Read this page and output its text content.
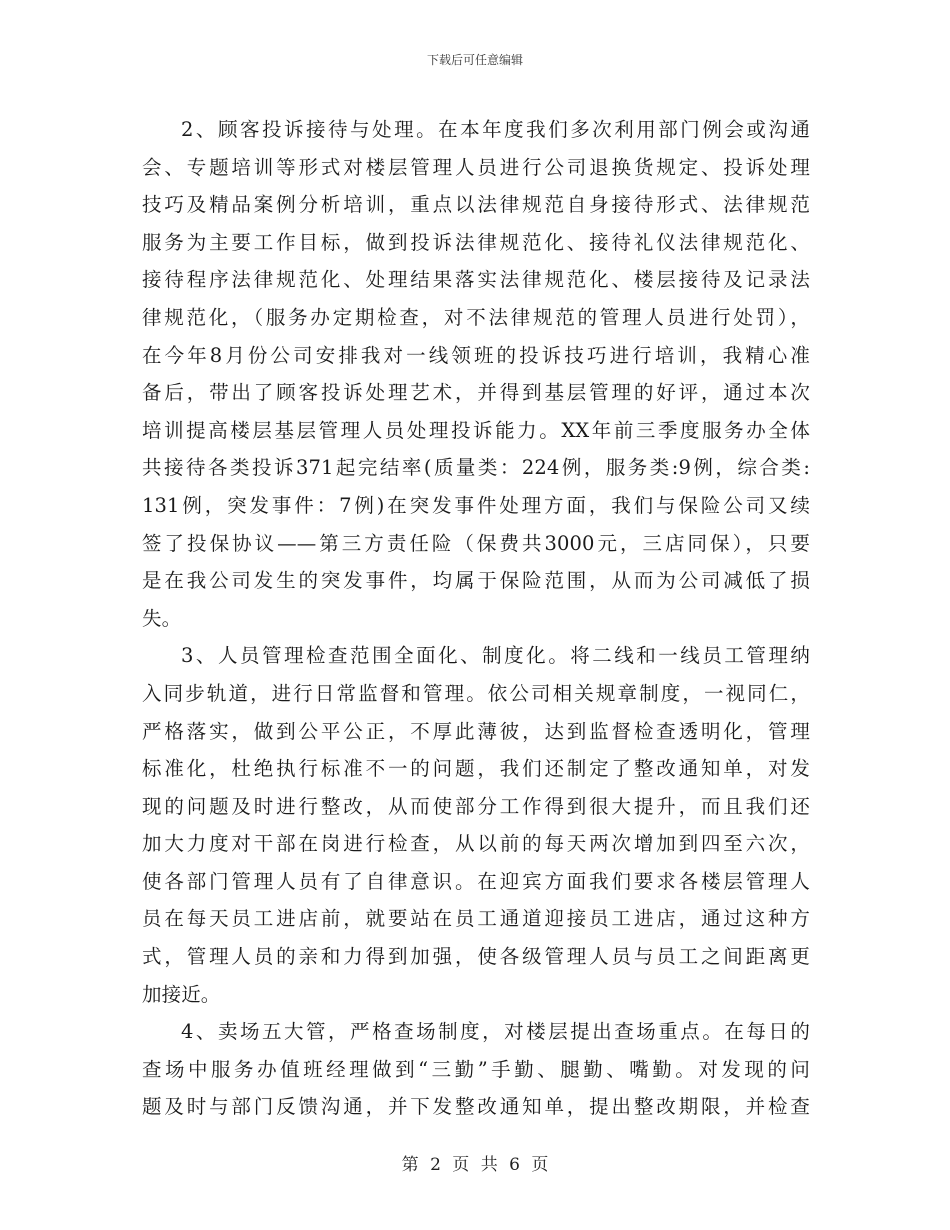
下载后可任意编辑
2、顾客投诉接待与处理。在本年度我们多次利用部门例会或沟通
会、专题培训等形式对楼层管理人员进行公司退换货规定、投诉处理
技巧及精品案例分析培训，重点以法律规范自身接待形式、法律规范
服务为主要工作目标，做到投诉法律规范化、接待礼仪法律规范化、
接待程序法律规范化、处理结果落实法律规范化、楼层接待及记录法
律规范化，（服务办定期检查，对不法律规范的管理人员进行处罚），
在今年8月份公司安排我对一线领班的投诉技巧进行培训，我精心准
备后，带出了顾客投诉处理艺术，并得到基层管理的好评，通过本次
培训提高楼层基层管理人员处理投诉能力。XX年前三季度服务办全体
共接待各类投诉371起完结率(质量类：224例，服务类:9例，综合类:
131例，突发事件：7例)在突发事件处理方面，我们与保险公司又续
签了投保协议——第三方责任险（保费共3000元，三店同保），只要
是在我公司发生的突发事件，均属于保险范围，从而为公司减低了损
失。
3、人员管理检查范围全面化、制度化。将二线和一线员工管理纳
入同步轨道，进行日常监督和管理。依公司相关规章制度，一视同仁，
严格落实，做到公平公正，不厚此薄彼，达到监督检查透明化，管理
标准化，杜绝执行标准不一的问题，我们还制定了整改通知单，对发
现的问题及时进行整改，从而使部分工作得到很大提升，而且我们还
加大力度对干部在岗进行检查，从以前的每天两次增加到四至六次，
使各部门管理人员有了自律意识。在迎宾方面我们要求各楼层管理人
员在每天员工进店前，就要站在员工通道迎接员工进店，通过这种方
式，管理人员的亲和力得到加强，使各级管理人员与员工之间距离更
加接近。
4、卖场五大管，严格查场制度，对楼层提出查场重点。在每日的
查场中服务办值班经理做到“三勤”手勤、腿勤、嘴勤。对发现的问
题及时与部门反馈沟通，并下发整改通知单，提出整改期限，并检查
第 2 页 共 6 页
